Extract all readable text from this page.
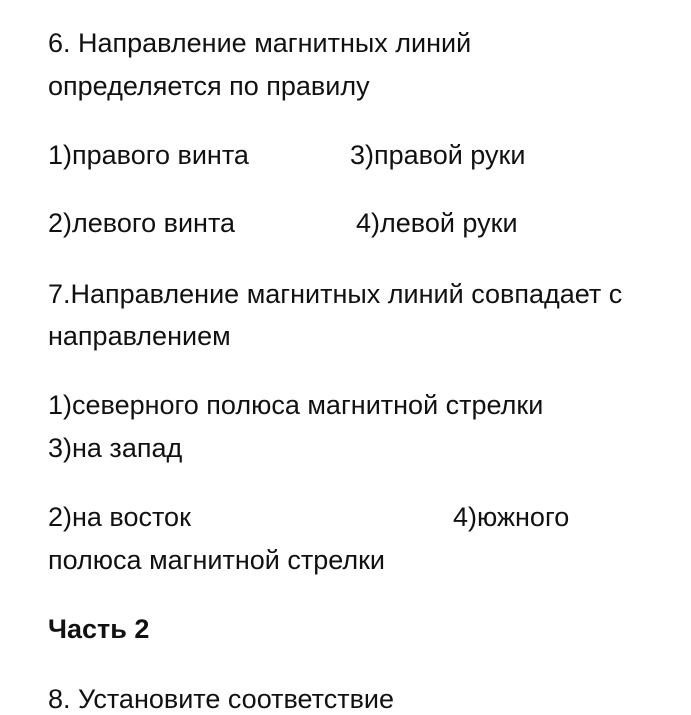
6. Направление магнитных линий
определяется по правилу
1)правого винта	3)правой руки
2)левого винта	4)левой руки
7.Направление магнитных линий совпадает с
направлением
1)северного полюса магнитной стрелки
3)на запад
2)на восток	4)южного
полюса магнитной стрелки
Часть 2
8. Установите соответствие
